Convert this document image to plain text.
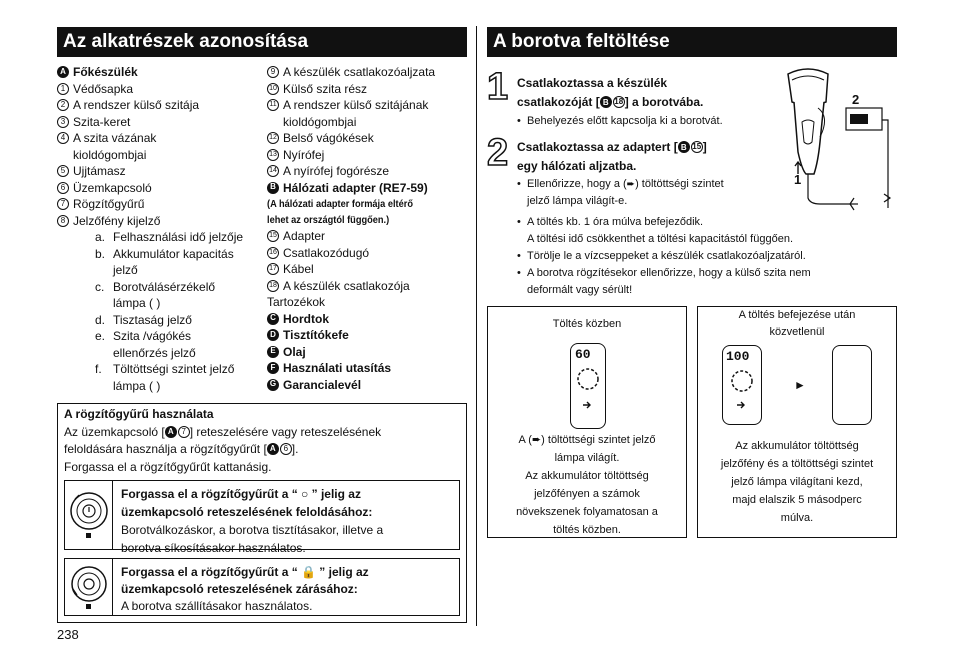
Az alkatrészek azonosítása
A Főkészülék
1 Védősapka
2 A rendszer külső szitája
3 Szita-keret
4 A szita vázának
kioldógombjai
5 Ujjtámasz
6 Üzemkapcsoló
7 Rögzítőgyűrű
8 Jelzőfény kijelző
a. Felhasználási idő jelzője
b. Akkumulátor kapacitás
jelző
c. Borotválásérzékelő
lámpa ( )
d. Tisztaság jelző
e. Szita /vágókés
ellenőrzés jelző
f. Töltöttségi szintet jelző
lámpa ( )
9 A készülék csatlakozóaljzata
10 Külső szita rész
11 A rendszer külső szitájának
kioldógombjai
12 Belső vágókések
13 Nyírófej
14 A nyírófej fogórésze
B Hálózati adapter (RE7-59)
(A hálózati adapter formája eltérő
lehet az országtól függően.)
15 Adapter
16 Csatlakozódugó
17 Kábel
18 A készülék csatlakozója
Tartozékok
C Hordtok
D Tisztítókefe
E Olaj
F Használati utasítás
G Garancialevél
A rögzítőgyűrű használata
Az üzemkapcsoló [ A 7 ] reteszelésére vagy reteszelésének
feloldására használja a rögzítőgyűrűt [ A 6 ].
Forgassa el a rögzítőgyűrűt kattanásig.
Forgassa el a rögzítőgyűrűt a “ ○ ” jelig az
üzemkapcsoló reteszelésének feloldásához:
Borotválkozáskor, a borotva tisztításakor, illetve a
borotva síkosításakor használatos.
Forgassa el a rögzítőgyűrűt a “ 🔒 ” jelig az
üzemkapcsoló reteszelésének zárásához:
A borotva szállításakor használatos.
238
A borotva feltöltése
1 Csatlakoztassa a készülék
csatlakozóját [ B 18 ] a borotvába.
• Behelyezés előtt kapcsolja ki a borotvát.
2 Csatlakoztassa az adaptert [ B 15 ]
egy hálózati aljzatba.
• Ellenőrizze, hogy a (➨) töltöttségi szintet
jelző lámpa világít-e.
1
2
• A töltés kb. 1 óra múlva befejeződik.
A töltési idő csökkenthet a töltési kapacitástól függően.
• Törölje le a vízcseppeket a készülék csatlakozóaljzatáról.
• A borotva rögzítésekor ellenőrizze, hogy a külső szita nem
deformált vagy sérült!
Töltés közben
60
A (➨) töltöttségi szintet jelző
lámpa világít.
Az akkumulátor töltöttség
jelzőfényen a számok
növekszenek folyamatosan a
töltés közben.
A töltés befejezése után
közvetlenül
100
►
Az akkumulátor töltöttség
jelzőfény és a töltöttségi szintet
jelző lámpa világítani kezd,
majd elalszik 5 másodperc
múlva.
